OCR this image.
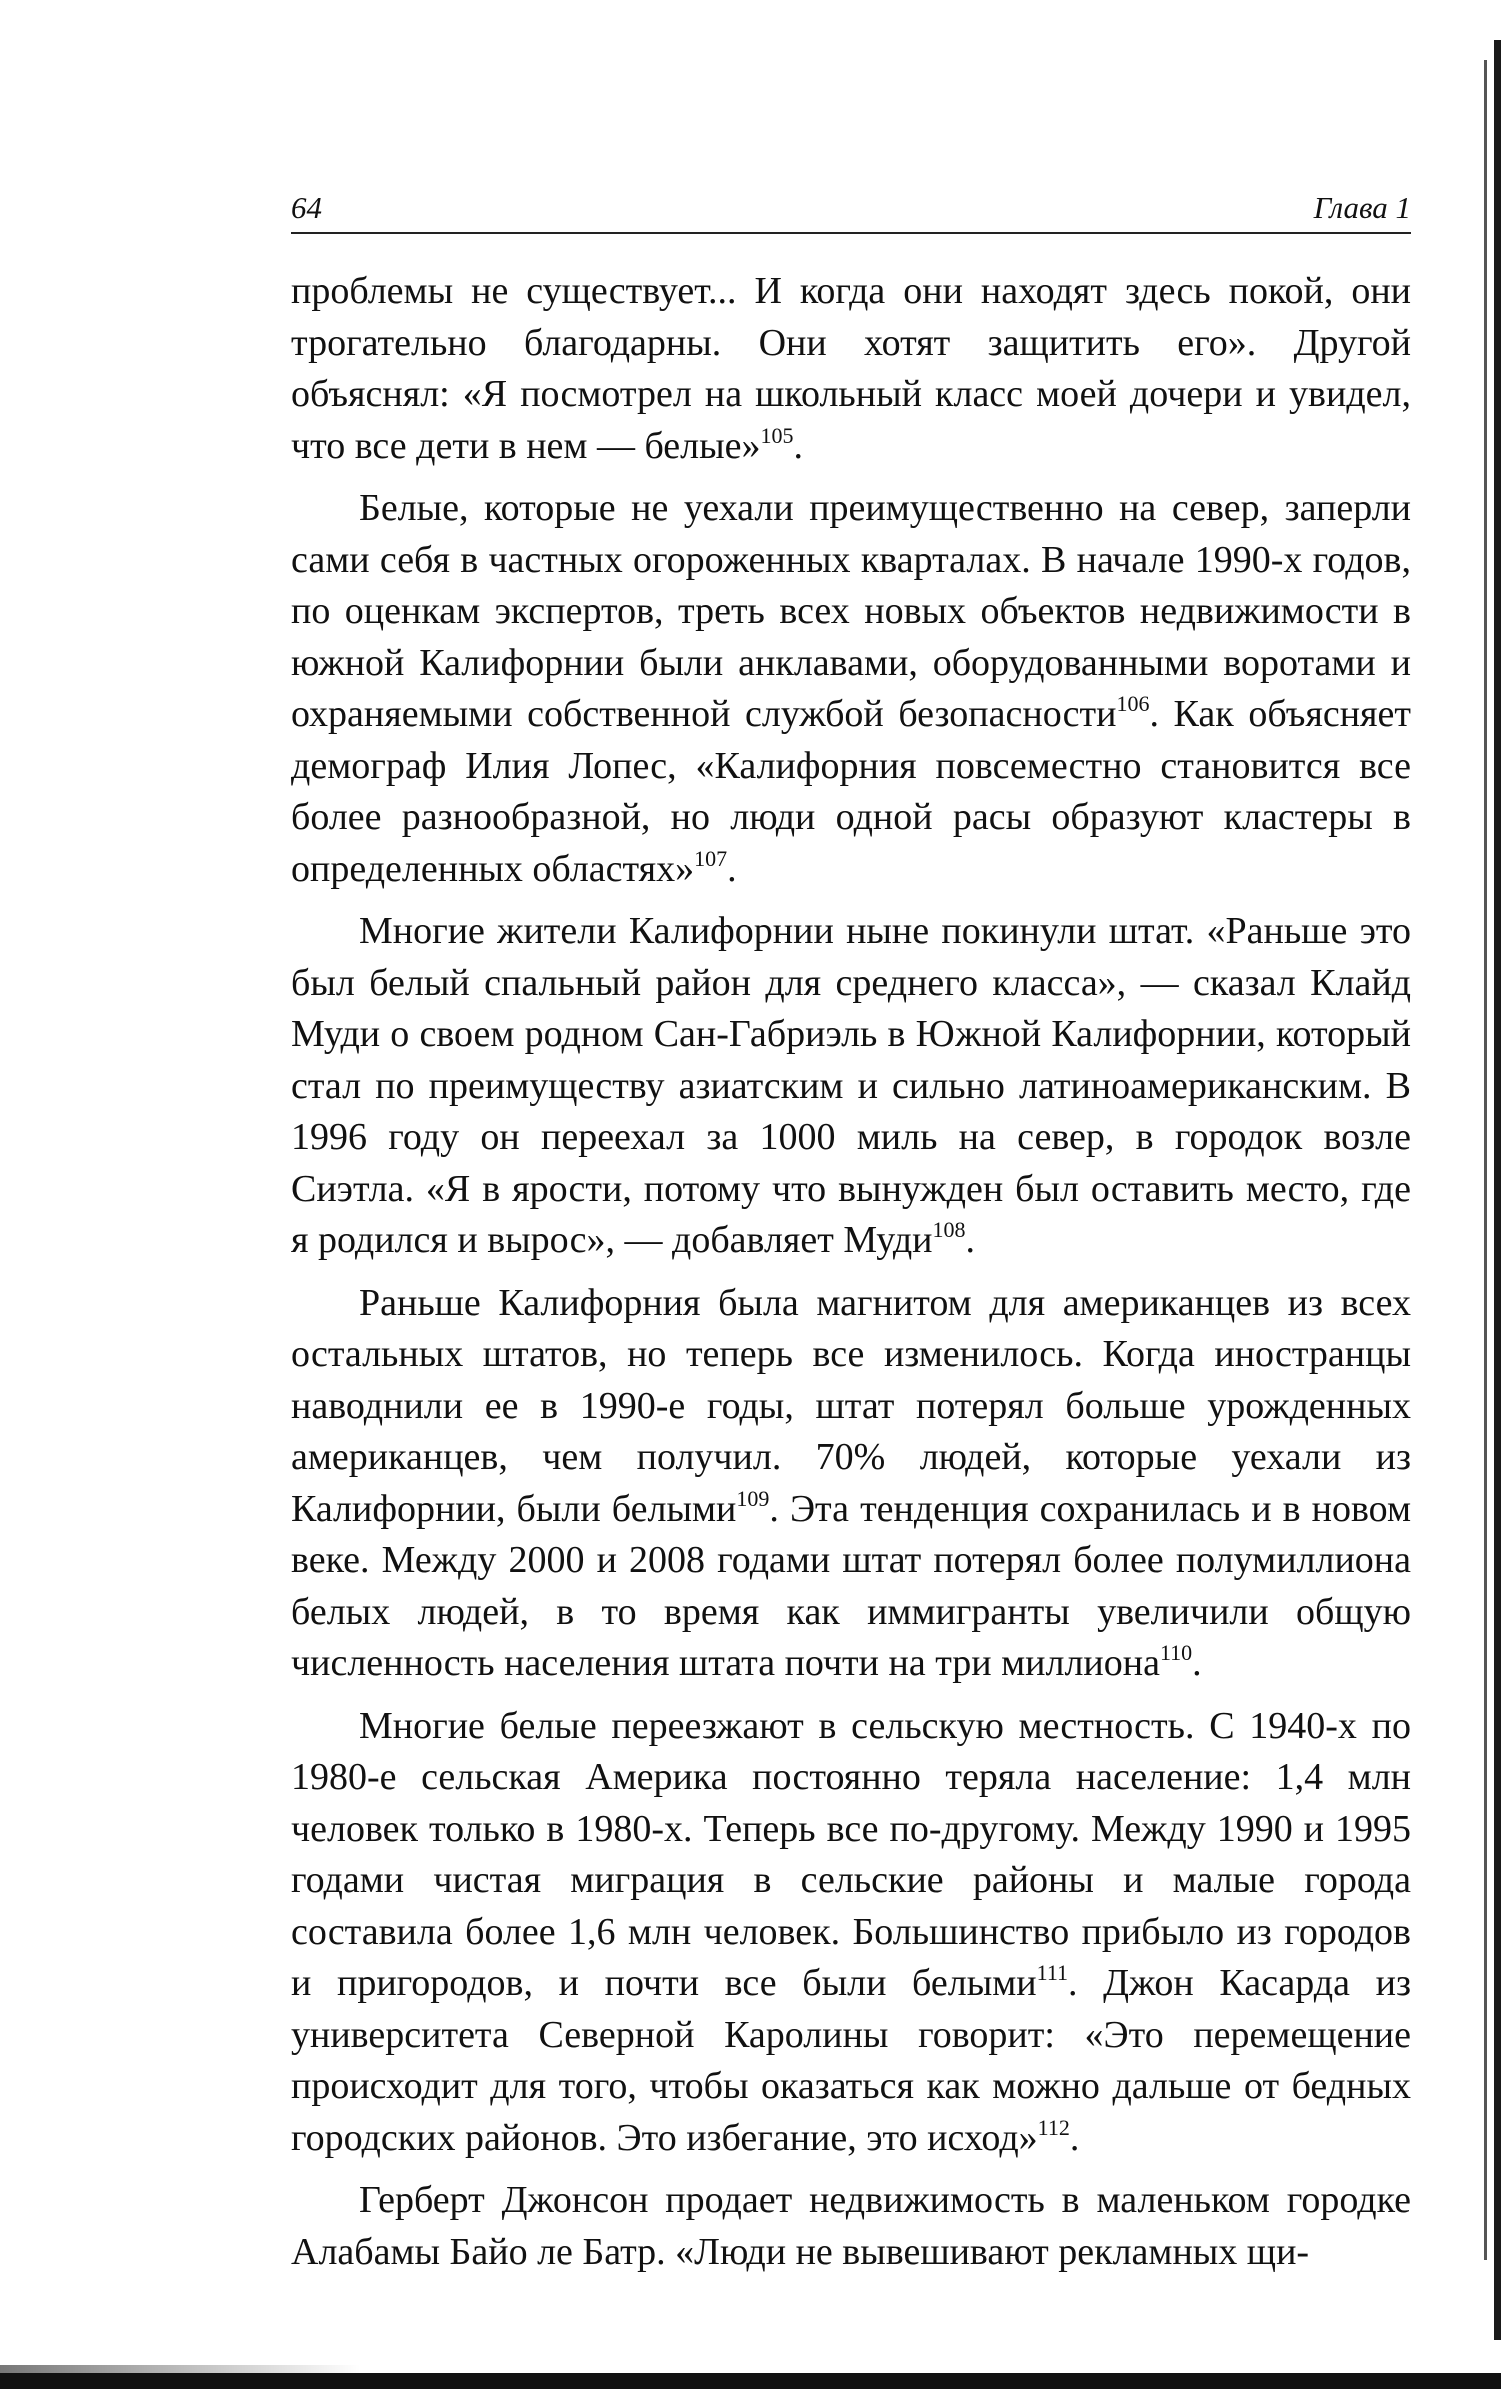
64	Глава 1

проблемы не существует... И когда они находят здесь покой, они трогательно благодарны. Они хотят защитить его». Другой объяснял: «Я посмотрел на школьный класс моей дочери и увидел, что все дети в нем — белые»$^{105}$.

Белые, которые не уехали преимущественно на север, заперли сами себя в частных огороженных кварталах. В начале 1990-х годов, по оценкам экспертов, треть всех новых объектов недвижимости в южной Калифорнии были анклавами, оборудованными воротами и охраняемыми собственной службой безопасности$^{106}$. Как объясняет демограф Илия Лопес, «Калифорния повсеместно становится все более разнообразной, но люди одной расы образуют кластеры в определенных областях»$^{107}$.

Многие жители Калифорнии ныне покинули штат. «Раньше это был белый спальный район для среднего класса», — сказал Клайд Муди о своем родном Сан-Габриэль в Южной Калифорнии, который стал по преимуществу азиатским и сильно латиноамериканским. В 1996 году он переехал за 1000 миль на север, в городок возле Сиэтла. «Я в ярости, потому что вынужден был оставить место, где я родился и вырос», — добавляет Муди$^{108}$.

Раньше Калифорния была магнитом для американцев из всех остальных штатов, но теперь все изменилось. Когда иностранцы наводнили ее в 1990-е годы, штат потерял больше урожденных американцев, чем получил. 70% людей, которые уехали из Калифорнии, были белыми$^{109}$. Эта тенденция сохранилась и в новом веке. Между 2000 и 2008 годами штат потерял более полумиллиона белых людей, в то время как иммигранты увеличили общую численность населения штата почти на три миллиона$^{110}$.

Многие белые переезжают в сельскую местность. С 1940-х по 1980-е сельская Америка постоянно теряла население: 1,4 млн человек только в 1980-х. Теперь все по-другому. Между 1990 и 1995 годами чистая миграция в сельские районы и малые города составила более 1,6 млн человек. Большинство прибыло из городов и пригородов, и почти все были белыми$^{111}$. Джон Касарда из университета Северной Каролины говорит: «Это перемещение происходит для того, чтобы оказаться как можно дальше от бедных городских районов. Это избегание, это исход»$^{112}$.

Герберт Джонсон продает недвижимость в маленьком городке Алабамы Байо ле Батр. «Люди не вывешивают рекламных щи-
